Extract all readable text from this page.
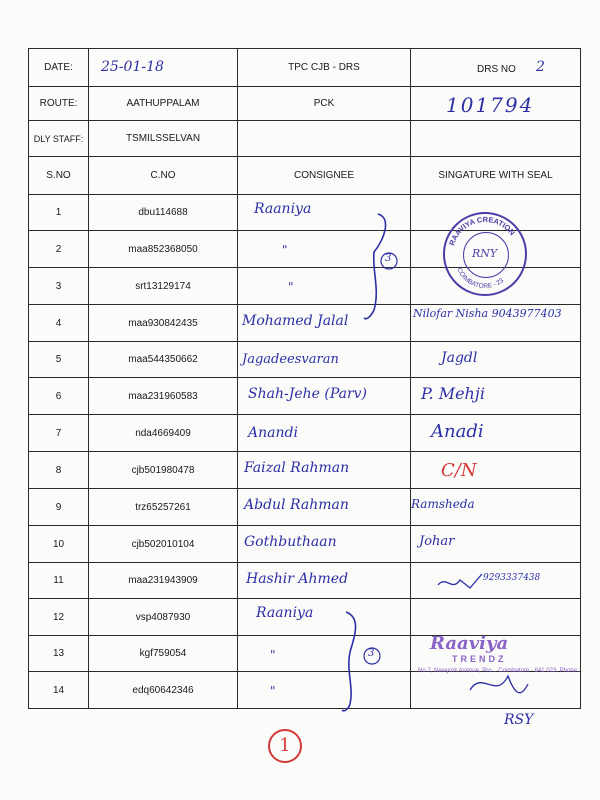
DATE:	25-01-18	TPC CJB - DRS	DRS NO 2

ROUTE:	AATHUPPALAM	PCK	101794

DLY STAFF:	TSMILSSELVAN		
S.NO	C.NO	CONSIGNEE	SINGATURE WITH SEAL
1	dbu114688	Raaniya	

2	maa852368050	"	

3	srt13129174	"	

4	maa930842435	Mohamed Jalal	Nilofar Nisha 9043977403

5	maa544350662	Jagadeesvaran	Jagdl

6	maa231960583	Shah-Jehe (Parv)	P. Mehji

7	nda4669409	Anandi	Anadi

8	cjb501980478	Faizal Rahman	C/N

9	trz65257261	Abdul Rahman	Ramsheda

10	cjb502010104	Gothbuthaan	Johar

11	maa231943909	Hashir Ahmed	9293337438

12	vsp4087930	Raaniya	

13	kgf759054	"	

14	edq60642346	"	

3
3
RAAVIYA CREATION
COIMBATORE - 23
RNY
Raaviya
TRENDZ
No.7, Newyork Avenue, Pro... Coimbatore - 641 023. Phone...
RSY
1
